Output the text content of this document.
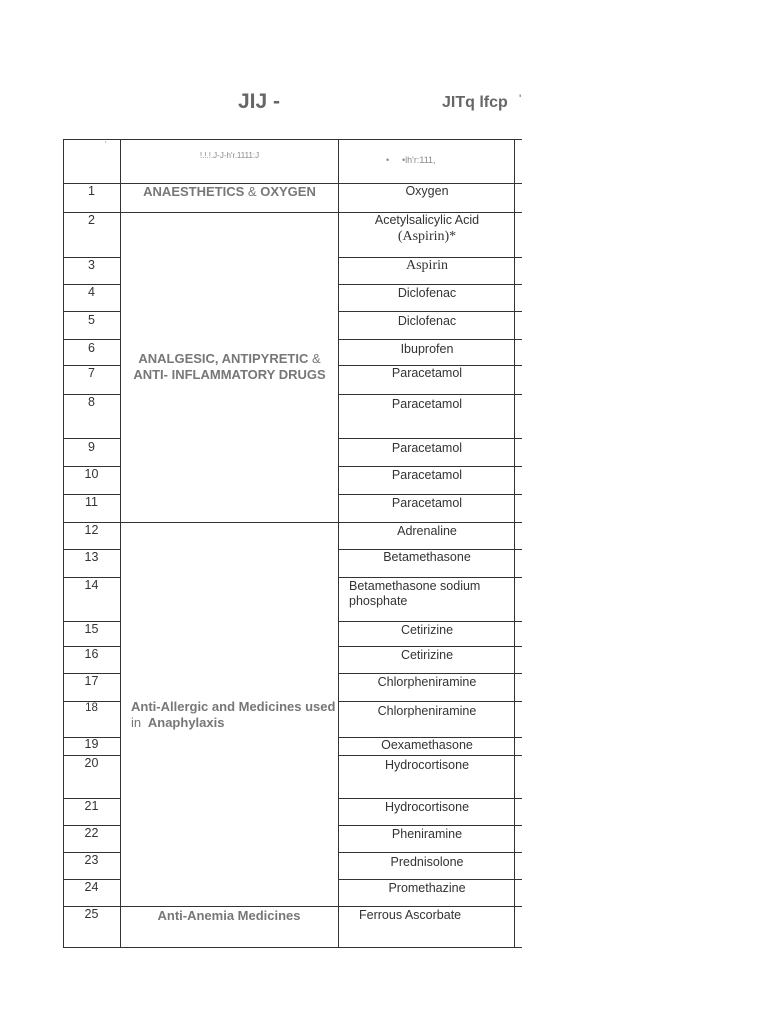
JIJ -	JITq lfcp '
'
!.!.!.J-J-h'r.1111:J	• •lh'r:111,
ANAESTHETICS & OXYGEN
ANALGESIC, ANTIPYRETIC &
ANTI- INFLAMMATORY DRUGS
Anti-Allergic and Medicines used
in Anaphylaxis
Anti-Anemia Medicines
1
2
3
4
5
6
7
8
9
10
11
12
13
14
15
16
17
18
19
20
21
22
23
24
25
Oxygen
Acetylsalicylic Acid
(Aspirin)*
Aspirin
Diclofenac
Diclofenac
Ibuprofen
Paracetamol
Paracetamol
Paracetamol
Paracetamol
Paracetamol
Adrenaline
Betamethasone
Betamethasone sodium
phosphate
Cetirizine
Cetirizine
Chlorpheniramine
Chlorpheniramine
Oexamethasone
Hydrocortisone
Hydrocortisone
Pheniramine
Prednisolone
Promethazine
Ferrous Ascorbate
